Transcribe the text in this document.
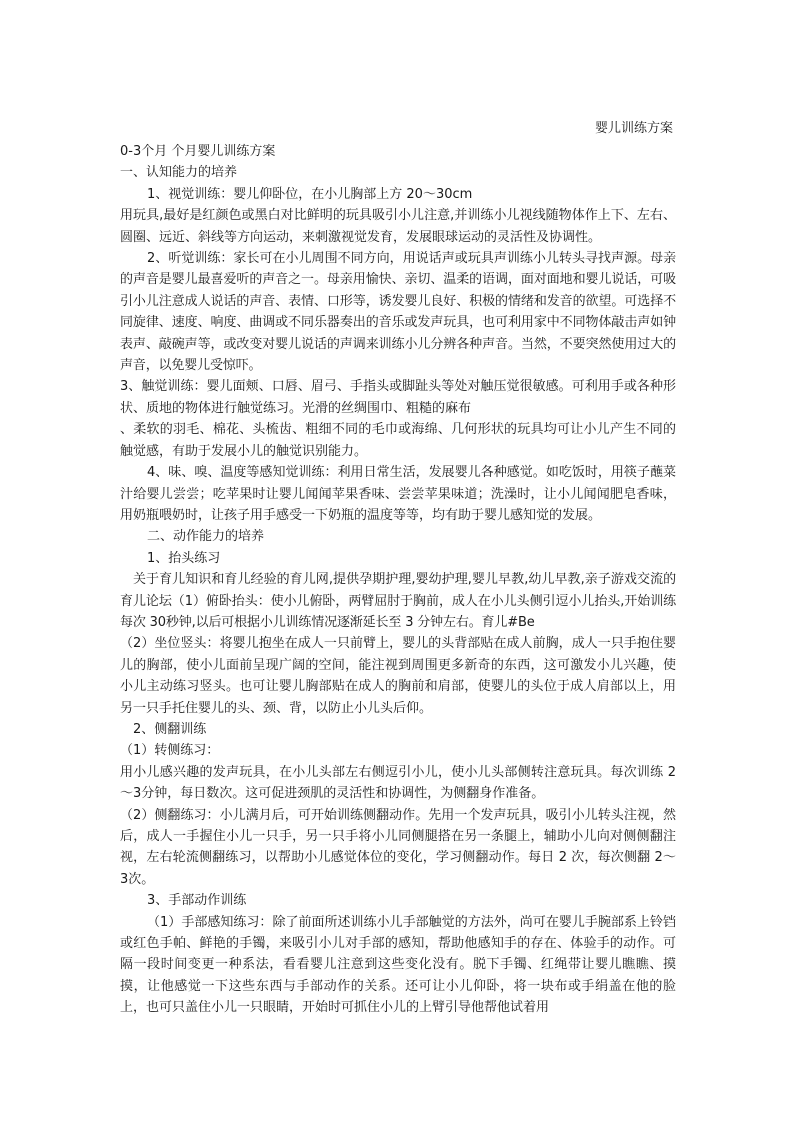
婴儿训练方案

0-3个月 个月婴儿训练方案

一、认知能力的培养

1、视觉训练：婴儿仰卧位，在小儿胸部上方 20～30cm

用玩具,最好是红颜色或黑白对比鲜明的玩具吸引小儿注意,并训练小儿视线随物体作上下、左右、圆圈、远近、斜线等方向运动，来刺激视觉发育，发展眼球运动的灵活性及协调性。

2、听觉训练：家长可在小儿周围不同方向，用说话声或玩具声训练小儿转头寻找声源。母亲的声音是婴儿最喜爱听的声音之一。母亲用愉快、亲切、温柔的语调，面对面地和婴儿说话，可吸引小儿注意成人说话的声音、表情、口形等，诱发婴儿良好、积极的情绪和发音的欲望。可选择不同旋律、速度、响度、曲调或不同乐器奏出的音乐或发声玩具，也可利用家中不同物体敲击声如钟表声、敲碗声等，或改变对婴儿说话的声调来训练小儿分辨各种声音。当然，不要突然使用过大的声音，以免婴儿受惊吓。

3、触觉训练：婴儿面颊、口唇、眉弓、手指头或脚趾头等处对触压觉很敏感。可利用手或各种形状、质地的物体进行触觉练习。光滑的丝绸围巾、粗糙的麻布

、柔软的羽毛、棉花、头梳齿、粗细不同的毛巾或海绵、几何形状的玩具均可让小儿产生不同的触觉感，有助于发展小儿的触觉识别能力。

4、味、嗅、温度等感知觉训练：利用日常生活，发展婴儿各种感觉。如吃饭时，用筷子蘸菜汁给婴儿尝尝；吃苹果时让婴儿闻闻苹果香味、尝尝苹果味道；洗澡时，让小儿闻闻肥皂香味，用奶瓶喂奶时，让孩子用手感受一下奶瓶的温度等等，均有助于婴儿感知觉的发展。

二、动作能力的培养

1、抬头练习

关于育儿知识和育儿经验的育儿网,提供孕期护理,婴幼护理,婴儿早教,幼儿早教,亲子游戏交流的育儿论坛（1）俯卧抬头：使小儿俯卧，两臂屈肘于胸前，成人在小儿头侧引逗小儿抬头,开始训练每次 30秒钟,以后可根据小儿训练情况逐渐延长至 3 分钟左右。育儿#Be

（2）坐位竖头：将婴儿抱坐在成人一只前臂上，婴儿的头背部贴在成人前胸，成人一只手抱住婴儿的胸部，使小儿面前呈现广阔的空间，能注视到周围更多新奇的东西，这可激发小儿兴趣，使小儿主动练习竖头。也可让婴儿胸部贴在成人的胸前和肩部，使婴儿的头位于成人肩部以上，用另一只手托住婴儿的头、颈、背，以防止小儿头后仰。

2、侧翻训练

（1）转侧练习：

用小儿感兴趣的发声玩具，在小儿头部左右侧逗引小儿，使小儿头部侧转注意玩具。每次训练 2～3分钟，每日数次。这可促进颈肌的灵活性和协调性，为侧翻身作准备。

（2）侧翻练习：小儿满月后，可开始训练侧翻动作。先用一个发声玩具，吸引小儿转头注视，然后，成人一手握住小儿一只手，另一只手将小儿同侧腿搭在另一条腿上，辅助小儿向对侧侧翻注视，左右轮流侧翻练习，以帮助小儿感觉体位的变化，学习侧翻动作。每日 2 次，每次侧翻 2～3次。

3、手部动作训练

（1）手部感知练习：除了前面所述训练小儿手部触觉的方法外，尚可在婴儿手腕部系上铃铛或红色手帕、鲜艳的手镯，来吸引小儿对手部的感知，帮助他感知手的存在、体验手的动作。可隔一段时间变更一种系法，看看婴儿注意到这些变化没有。脱下手镯、红绳带让婴儿瞧瞧、摸摸，让他感觉一下这些东西与手部动作的关系。还可让小儿仰卧，将一块布或手绢盖在他的脸上，也可只盖住小儿一只眼睛，开始时可抓住小儿的上臂引导他帮他试着用
